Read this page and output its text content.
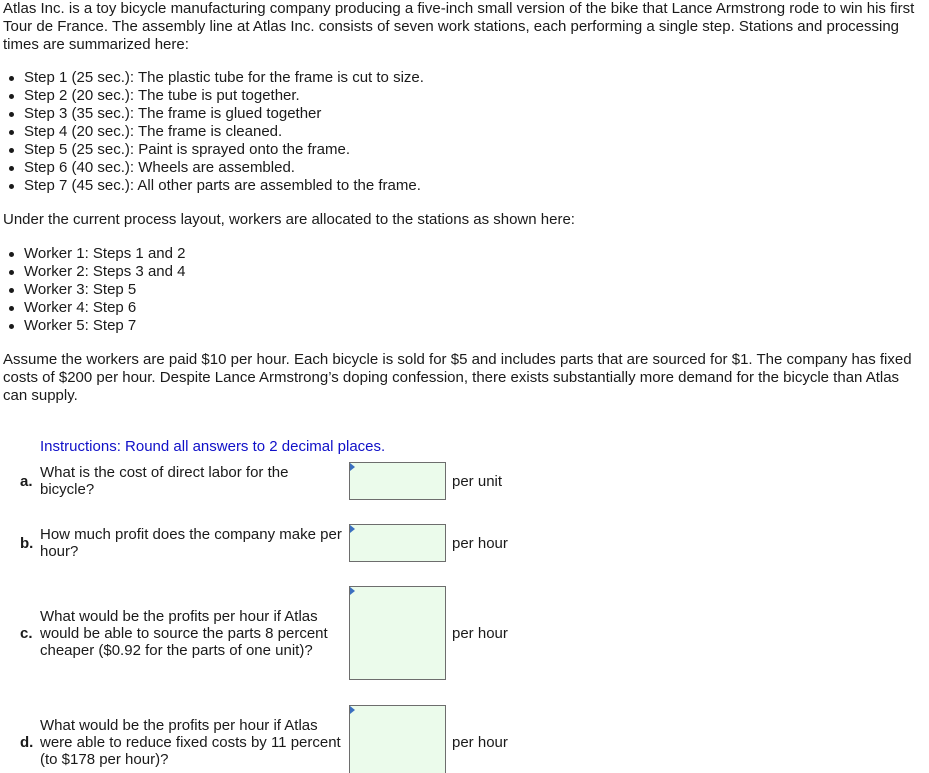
Atlas Inc. is a toy bicycle manufacturing company producing a five-inch small version of the bike that Lance Armstrong rode to win his first Tour de France. The assembly line at Atlas Inc. consists of seven work stations, each performing a single step. Stations and processing times are summarized here:

Step 1 (25 sec.): The plastic tube for the frame is cut to size.
Step 2 (20 sec.): The tube is put together.
Step 3 (35 sec.): The frame is glued together
Step 4 (20 sec.): The frame is cleaned.
Step 5 (25 sec.): Paint is sprayed onto the frame.
Step 6 (40 sec.): Wheels are assembled.
Step 7 (45 sec.): All other parts are assembled to the frame.

Under the current process layout, workers are allocated to the stations as shown here:

Worker 1: Steps 1 and 2
Worker 2: Steps 3 and 4
Worker 3: Step 5
Worker 4: Step 6
Worker 5: Step 7

Assume the workers are paid $10 per hour. Each bicycle is sold for $5 and includes parts that are sourced for $1. The company has fixed costs of $200 per hour. Despite Lance Armstrong’s doping confession, there exists substantially more demand for the bicycle than Atlas can supply.

Instructions: Round all answers to 2 decimal places.
a.
What is the cost of direct labor for the bicycle?	per unit
b.
How much profit does the company make per hour?	per hour
c.
What would be the profits per hour if Atlas would be able to source the parts 8 percent cheaper ($0.92 for the parts of one unit)?
per hour
d.
What would be the profits per hour if Atlas were able to reduce fixed costs by 11 percent (to $178 per hour)?
per hour
